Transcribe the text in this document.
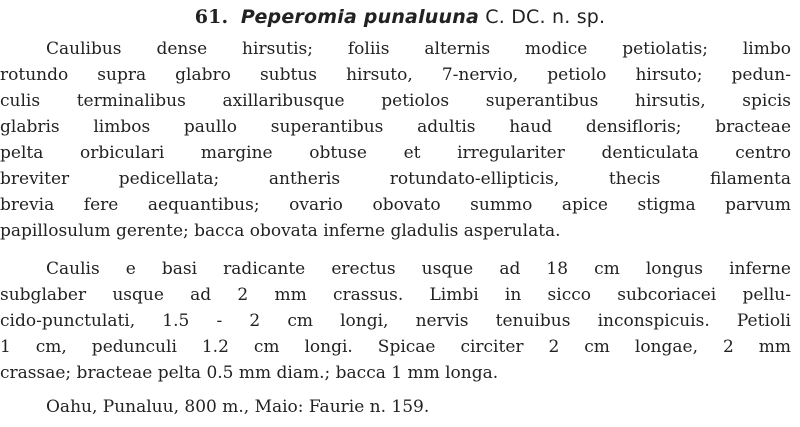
61. Peperomia punaluuna C. DC. n. sp.
Caulibus dense hirsutis; foliis alternis modice petiolatis; limbo
rotundo supra glabro subtus hirsuto, 7-nervio, petiolo hirsuto; pedun-
culis terminalibus axillaribusque petiolos superantibus hirsutis, spicis
glabris limbos paullo superantibus adultis haud densifloris; bracteae
pelta orbiculari margine obtuse et irregulariter denticulata centro
breviter pedicellata; antheris rotundato-ellipticis, thecis filamenta
brevia fere aequantibus; ovario obovato summo apice stigma parvum
papillosulum gerente; bacca obovata inferne gladulis asperulata.
Caulis e basi radicante erectus usque ad 18 cm longus inferne
subglaber usque ad 2 mm crassus. Limbi in sicco subcoriacei pellu-
cido-punctulati, 1.5 - 2 cm longi, nervis tenuibus inconspicuis. Petioli
1 cm, pedunculi 1.2 cm longi. Spicae circiter 2 cm longae, 2 mm
crassae; bracteae pelta 0.5 mm diam.; bacca 1 mm longa.
Oahu, Punaluu, 800 m., Maio: Faurie n. 159.
